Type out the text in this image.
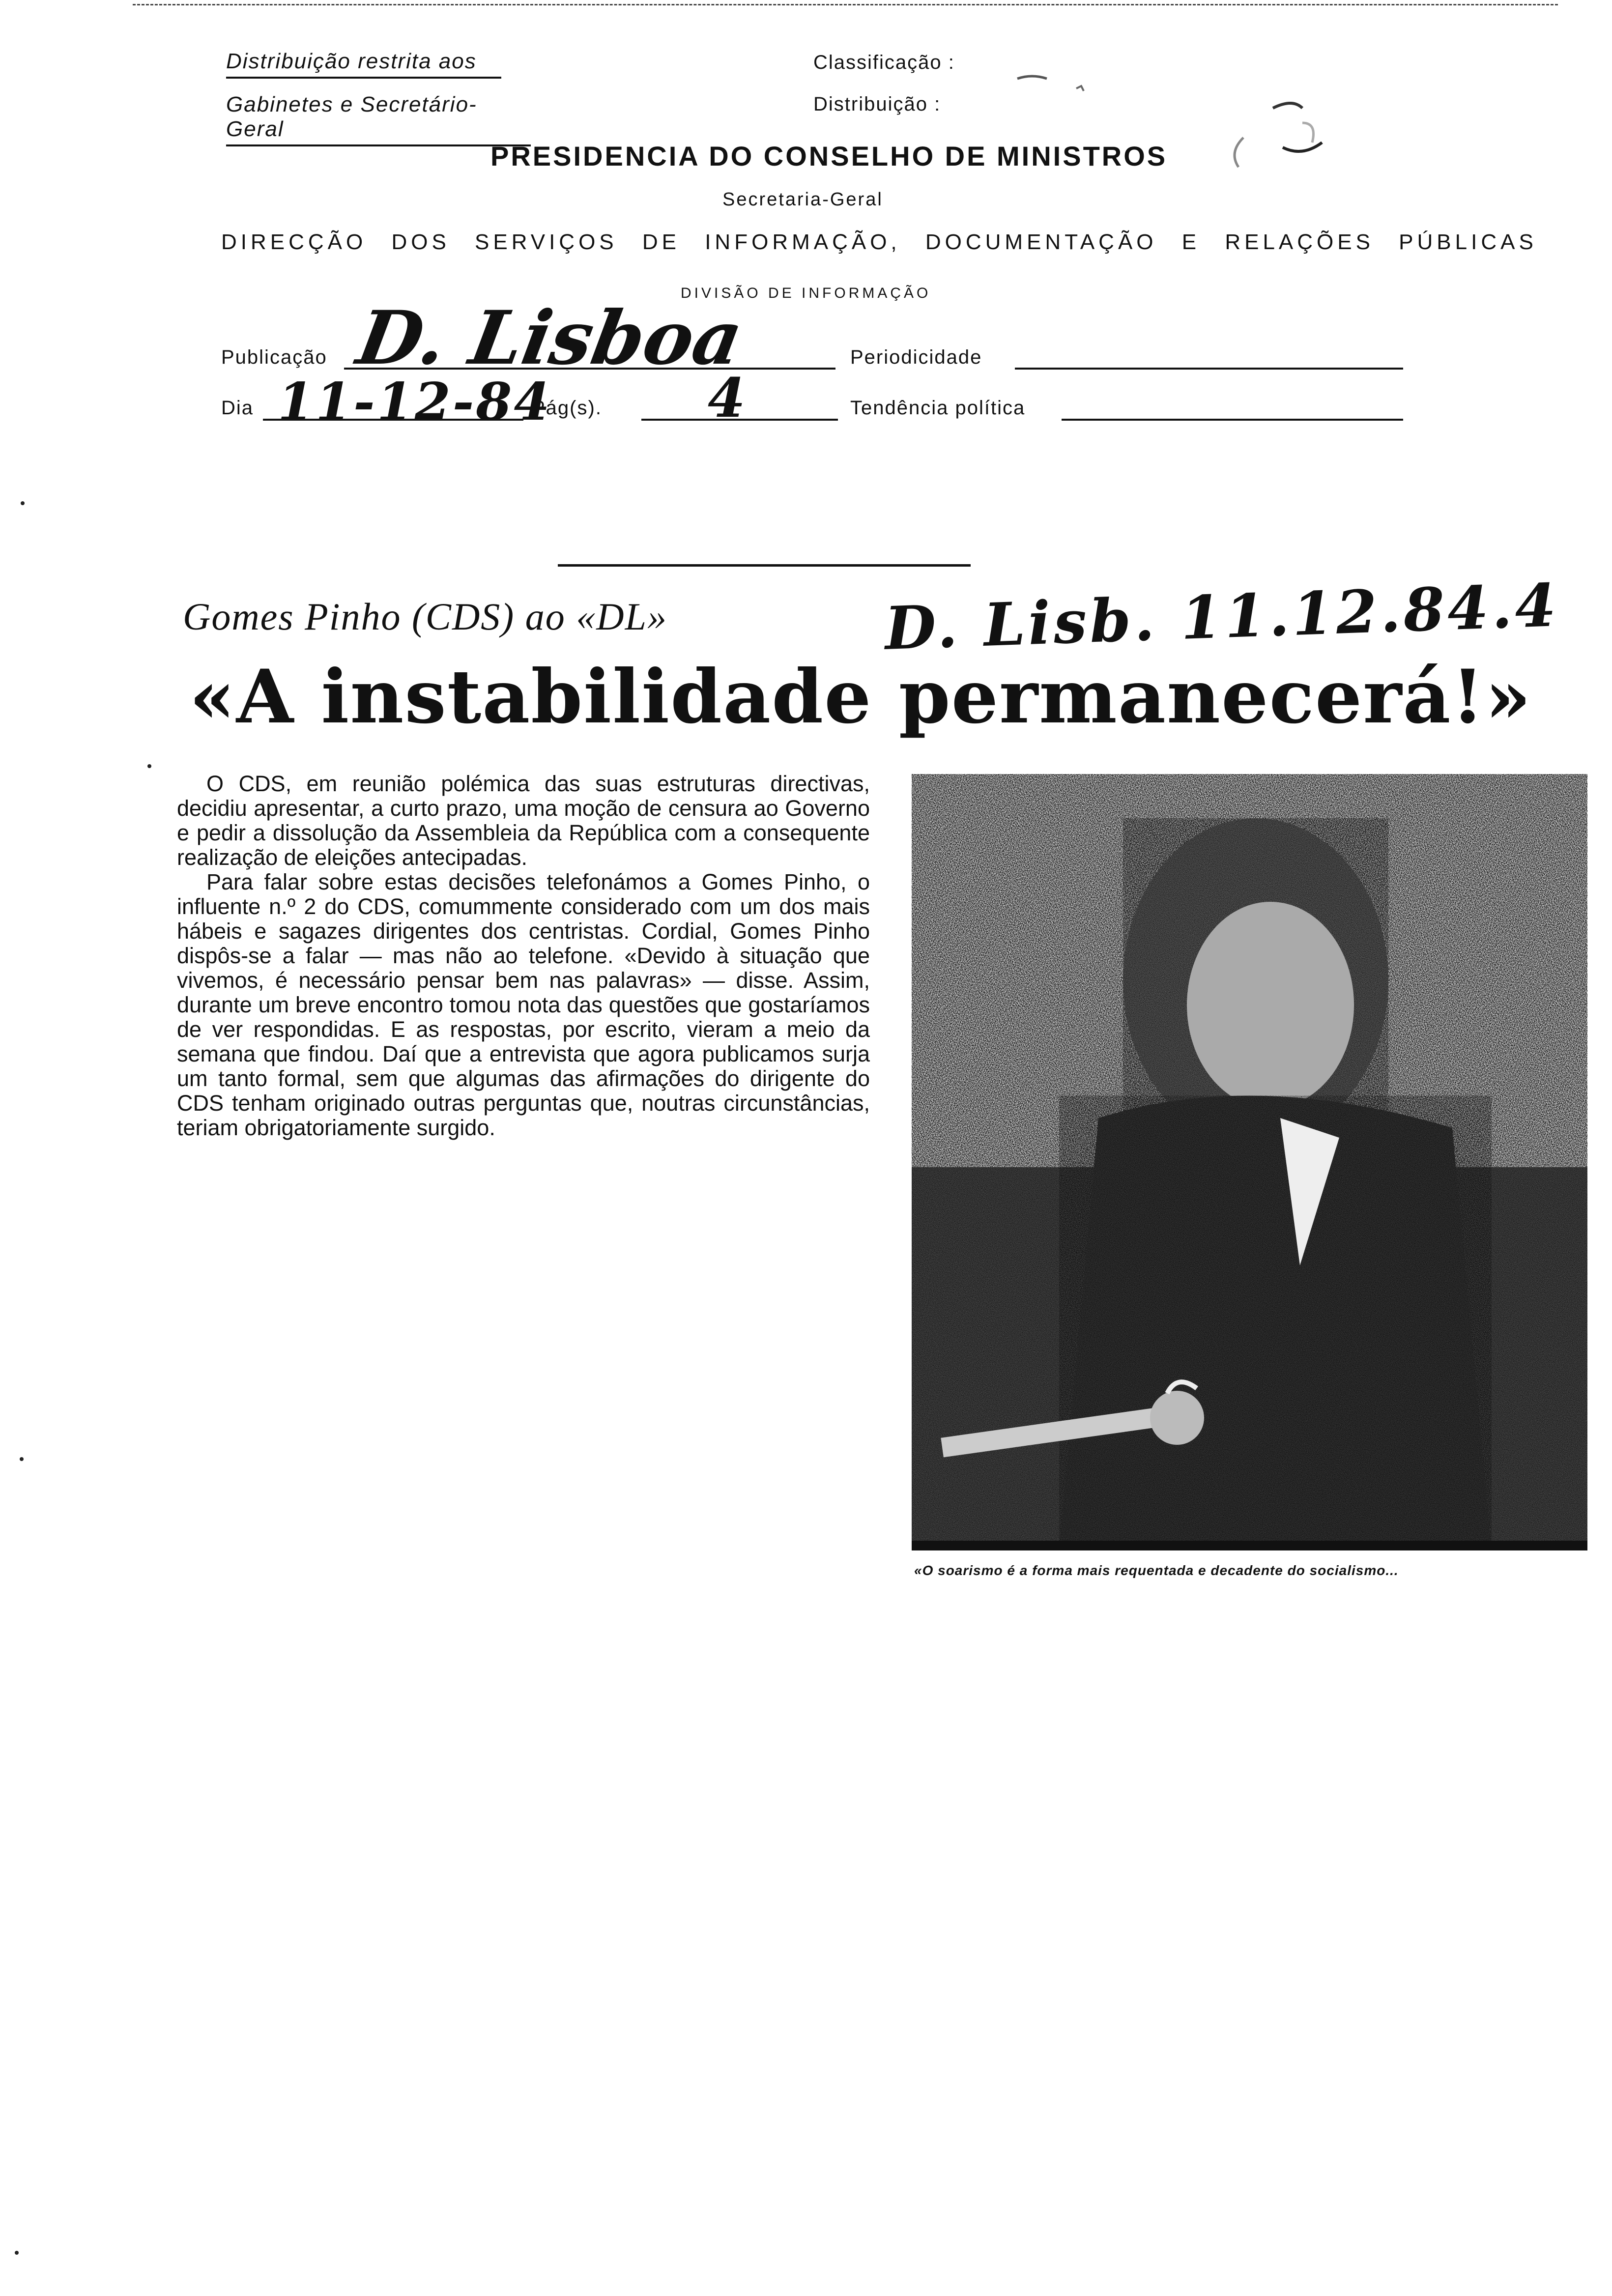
Distribuição restrita aos
Gabinetes e Secretário-Geral
Classificação :
Distribuição :
PRESIDENCIA DO CONSELHO DE MINISTROS
Secretaria-Geral
DIRECÇÃO DOS SERVIÇOS DE INFORMAÇÃO, DOCUMENTAÇÃO E RELAÇÕES PÚBLICAS
DIVISÃO DE INFORMAÇÃO
Publicação D. Lisboa
Dia 11-12-84
Pág(s). 4
Periodicidade
Tendência política
Gomes Pinho (CDS) ao «DL»	D. Lisb. 11.12.84.4
«A instabilidade permanecerá!»

O CDS, em reunião polémica das suas estruturas directivas, decidiu apresentar, a curto prazo, uma moção de censura ao Governo e pedir a dissolução da Assembleia da República com a consequente realização de eleições antecipadas.

Para falar sobre estas decisões telefonámos a Gomes Pinho, o influente n.º 2 do CDS, comummente considerado com um dos mais hábeis e sagazes dirigentes dos centristas. Cordial, Gomes Pinho dispôs-se a falar — mas não ao telefone. «Devido à situação que vivemos, é necessário pensar bem nas palavras» — disse. Assim, durante um breve encontro tomou nota das questões que gostaríamos de ver respondidas. E as respostas, por escrito, vieram a meio da semana que findou. Daí que a entrevista que agora publicamos surja um tanto formal, sem que algumas das afirmações do dirigente do CDS tenham originado outras perguntas que, noutras circunstâncias, teriam obrigatoriamente surgido.

«O soarismo é a forma mais requentada e decadente do socialismo...
